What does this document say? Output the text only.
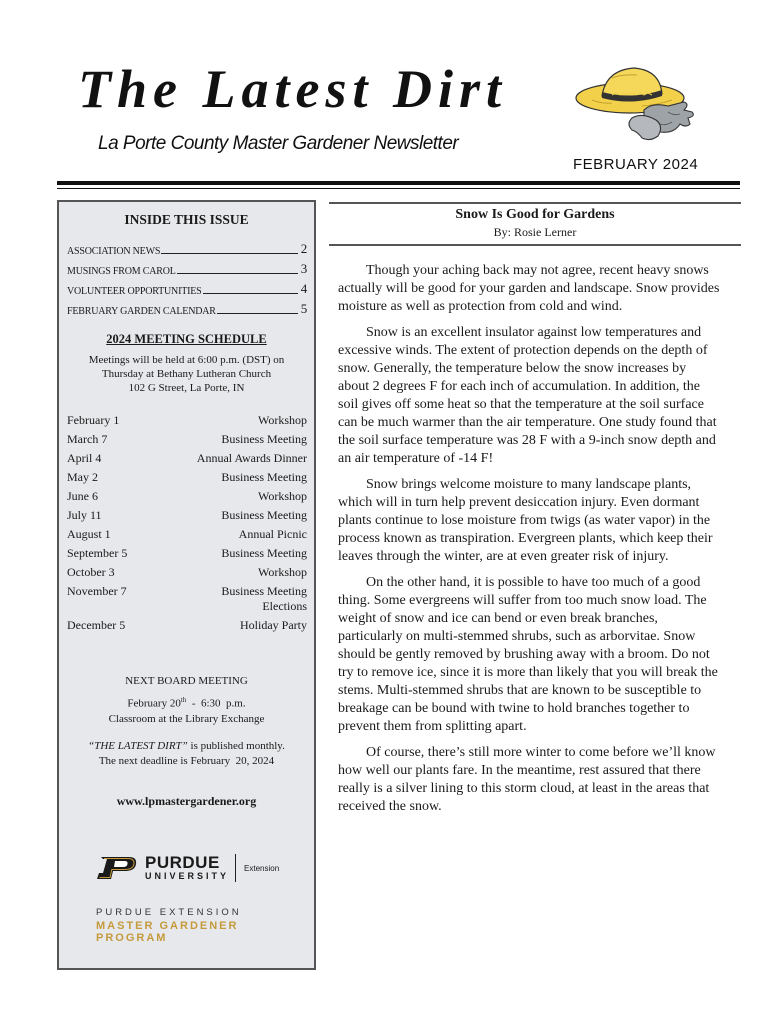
The Latest Dirt
La Porte County Master Gardener Newsletter
FEBRUARY 2024
INSIDE THIS ISSUE
ASSOCIATION NEWS	2
MUSINGS FROM CAROL	3
VOLUNTEER OPPORTUNITIES	4
FEBRUARY GARDEN CALENDAR	5
2024 MEETING SCHEDULE
Meetings will be held at 6:00 p.m. (DST) on
Thursday at Bethany Lutheran Church
102 G Street, La Porte, IN
February 1	Workshop
March 7	Business Meeting
April 4	Annual Awards Dinner
May 2	Business Meeting
June 6	Workshop
July 11	Business Meeting
August 1	Annual Picnic
September 5	Business Meeting
October 3	Workshop
November 7	Business Meeting
Elections
December 5	Holiday Party
NEXT BOARD MEETING
February 20th  -  6:30  p.m.
Classroom at the Library Exchange
“THE LATEST DIRT” is published monthly.
The next deadline is February  20, 2024
www.lpmastergardener.org
PURDUE
UNIVERSITY
Extension
PURDUE EXTENSION
MASTER GARDENER PROGRAM
Snow Is Good for Gardens
By: Rosie Lerner

Though your aching back may not agree, recent heavy snows actually will be good for your garden and landscape. Snow provides moisture as well as protection from cold and wind.

Snow is an excellent insulator against low temperatures and excessive winds. The extent of protection depends on the depth of snow. Generally, the temperature below the snow increases by about 2 degrees F for each inch of accumulation. In addition, the soil gives off some heat so that the temperature at the soil surface can be much warmer than the air temperature. One study found that the soil surface temperature was 28 F with a 9-inch snow depth and an air temperature of -14 F!

Snow brings welcome moisture to many landscape plants, which will in turn help prevent desiccation injury. Even dormant plants continue to lose moisture from twigs (as water vapor) in the process known as transpiration. Evergreen plants, which keep their leaves through the winter, are at even greater risk of injury.

On the other hand, it is possible to have too much of a good thing. Some evergreens will suffer from too much snow load. The weight of snow and ice can bend or even break branches, particularly on multi-stemmed shrubs, such as arborvitae. Snow should be gently removed by brushing away with a broom. Do not try to remove ice, since it is more than likely that you will break the stems. Multi-stemmed shrubs that are known to be susceptible to breakage can be bound with twine to hold branches together to prevent them from splitting apart.

Of course, there’s still more winter to come before we’ll know how well our plants fare. In the meantime, rest assured that there really is a silver lining to this storm cloud, at least in the areas that received the snow.
